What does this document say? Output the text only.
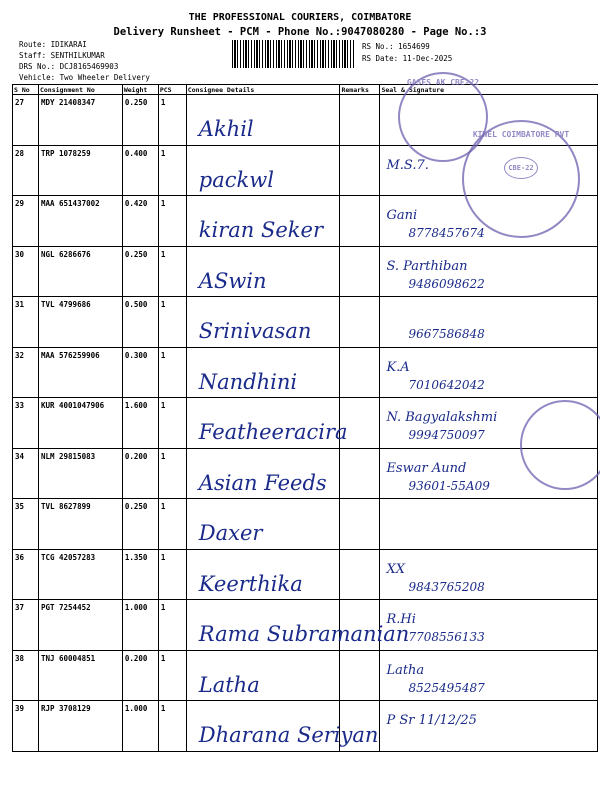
THE PROFESSIONAL COURIERS, COIMBATORE
Delivery Runsheet - PCM - Phone No.:9047080280 - Page No.:3
Route: IDIKARAI
Staff: SENTHILKUMAR
DRS No.: DCJ8165469903
Vehicle: Two Wheeler Delivery
RS No.: 1654699
RS Date: 11-Dec-2025
S No	Consignment No	Weight	PCS	Consignee Details	Remarks	Seal & Signature
27	MDY 21408347	0.250	1	Akhil		

28	TRP 1078259	0.400	1	packwl		M.S.7.

29	MAA 651437002	0.420	1	kiran Seker		Gani
8778457674

30	NGL 6286676	0.250	1	ASwin		S. Parthiban
9486098622

31	TVL 4799686	0.500	1	Srinivasan		9667586848

32	MAA 576259906	0.300	1	Nandhini		K.A
7010642042

33	KUR 4001047906	1.600	1	Featheeracira		N. Bagyalakshmi
9994750097

34	NLM 29815083	0.200	1	Asian Feeds		Eswar Aund
93601-55A09

35	TVL 8627899	0.250	1	Daxer		

36	TCG 42057283	1.350	1	Keerthika		XX
9843765208

37	PGT 7254452	1.000	1	Rama Subramanian		R.Hi
7708556133

38	TNJ 60004851	0.200	1	Latha		Latha
8525495487

39	RJP 3708129	1.000	1	Dharana Seriyan		P Sr 11/12/25
GASES AK CBE-22
KIWEL COIMBATORE PVT
CBE-22
